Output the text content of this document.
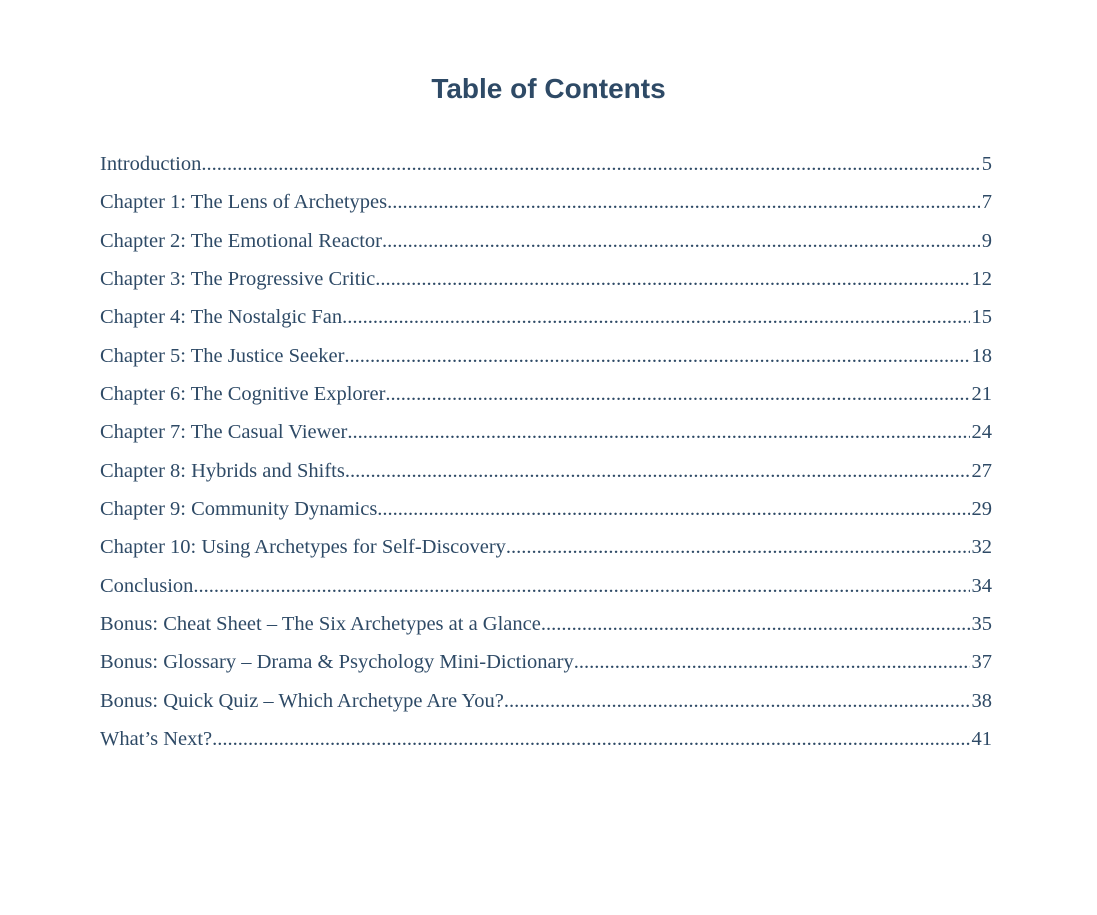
Table of Contents
Introduction .....	5
Chapter 1: The Lens of Archetypes .....	7
Chapter 2: The Emotional Reactor .....	9
Chapter 3: The Progressive Critic .....	12
Chapter 4: The Nostalgic Fan .....	15
Chapter 5: The Justice Seeker .....	18
Chapter 6: The Cognitive Explorer .....	21
Chapter 7: The Casual Viewer .....	24
Chapter 8: Hybrids and Shifts .....	27
Chapter 9: Community Dynamics .....	29
Chapter 10: Using Archetypes for Self-Discovery .....	32
Conclusion .....	34
Bonus: Cheat Sheet – The Six Archetypes at a Glance .....	35
Bonus: Glossary – Drama & Psychology Mini-Dictionary .....	37
Bonus: Quick Quiz – Which Archetype Are You? .....	38
What’s Next? .....	41
